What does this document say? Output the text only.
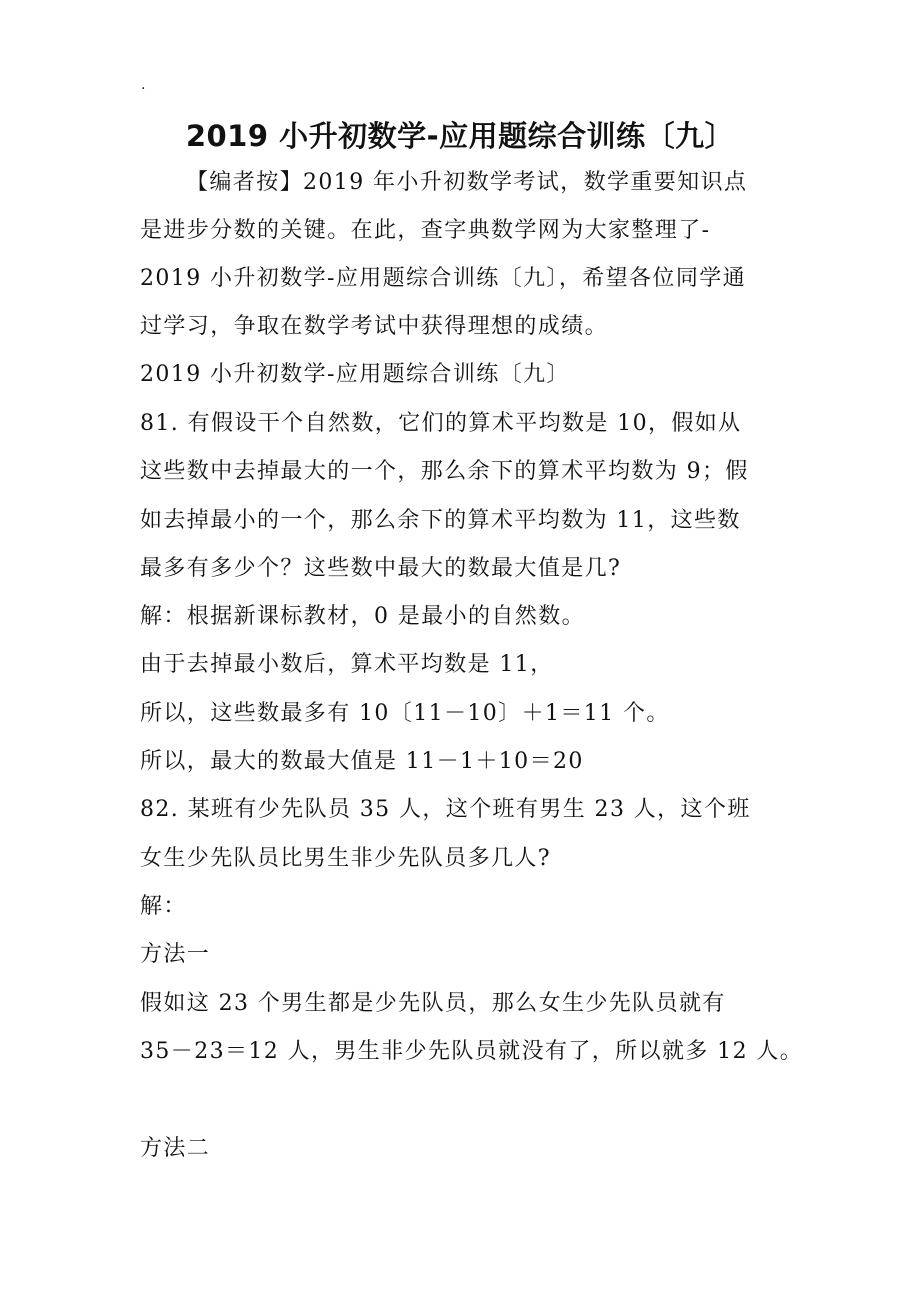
.
2019 小升初数学-应用题综合训练〔九〕
【编者按】2019 年小升初数学考试，数学重要知识点
是进步分数的关键。在此，查字典数学网为大家整理了-
2019 小升初数学-应用题综合训练〔九〕，希望各位同学通
过学习，争取在数学考试中获得理想的成绩。
2019 小升初数学-应用题综合训练〔九〕
81. 有假设干个自然数，它们的算术平均数是 10，假如从
这些数中去掉最大的一个，那么余下的算术平均数为 9；假
如去掉最小的一个，那么余下的算术平均数为 11，这些数
最多有多少个？这些数中最大的数最大值是几?
解：根据新课标教材，0 是最小的自然数。
由于去掉最小数后，算术平均数是 11，
所以，这些数最多有 10〔11－10〕＋1＝11 个。
所以，最大的数最大值是 11－1＋10＝20
82. 某班有少先队员 35 人，这个班有男生 23 人，这个班
女生少先队员比男生非少先队员多几人?
解：
方法一
假如这 23 个男生都是少先队员，那么女生少先队员就有
35－23＝12 人，男生非少先队员就没有了，所以就多 12 人。
方法二
